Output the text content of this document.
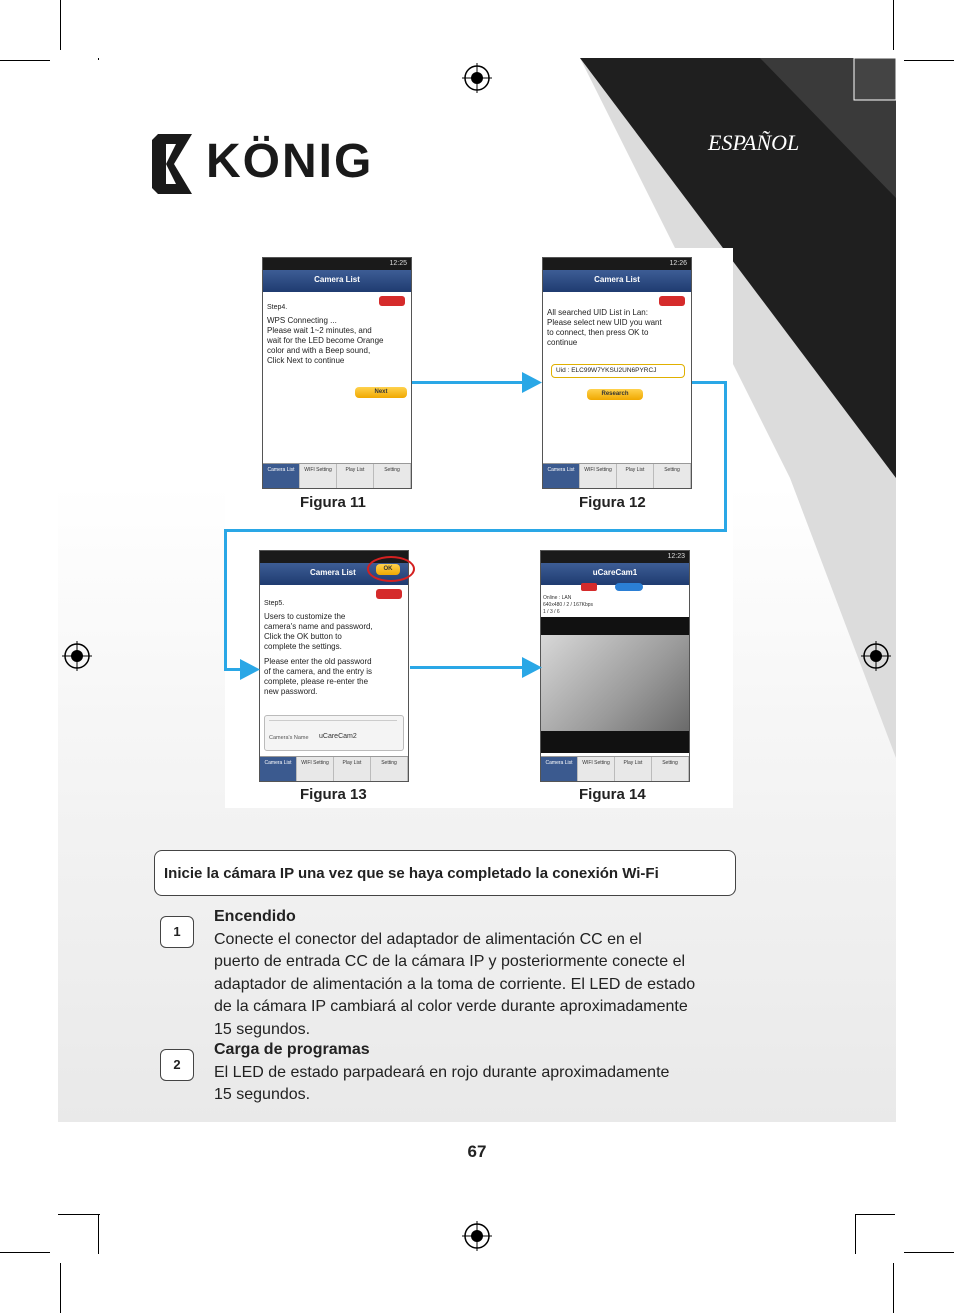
KÖNIG	ESPAÑOL
12:25
Camera List
Step4.
WPS Connecting ...
Please wait 1~2 minutes, and
wait for the LED become Orange
color and with a Beep sound,
Click Next to continue
Next
Camera List	WIFI Setting	Play List	Setting
Figura 11
12:26
Camera List
All searched UID List in Lan:
Please select new UID you want
to connect, then press OK to
continue
Uid : ELC99W7YKSU2UN6PYRCJ
Research
Camera List	WIFI Setting	Play List	Setting
Figura 12
Camera List	OK
Step5.
Users to customize the
camera's name and password,
Click the OK button to
complete the settings.
Please enter the old password
of the camera, and the entry is
complete, please re-enter the
new password.
Camera's Name uCareCam2
Camera List	WIFI Setting	Play List	Setting
Figura 13
12:23
uCareCam1
Online : LAN
640x480 / 2 / 167Kbps
1 / 3 / 6
Camera List	WIFI Setting	Play List	Setting
Figura 14
Inicie la cámara IP una vez que se haya completado la conexión Wi-Fi
1
Encendido
Conecte el conector del adaptador de alimentación CC en el
puerto de entrada CC de la cámara IP y posteriormente conecte el
adaptador de alimentación a la toma de corriente. El LED de estado
de la cámara IP cambiará al color verde durante aproximadamente
15 segundos.
2
Carga de programas
El LED de estado parpadeará en rojo durante aproximadamente
15 segundos.
67
